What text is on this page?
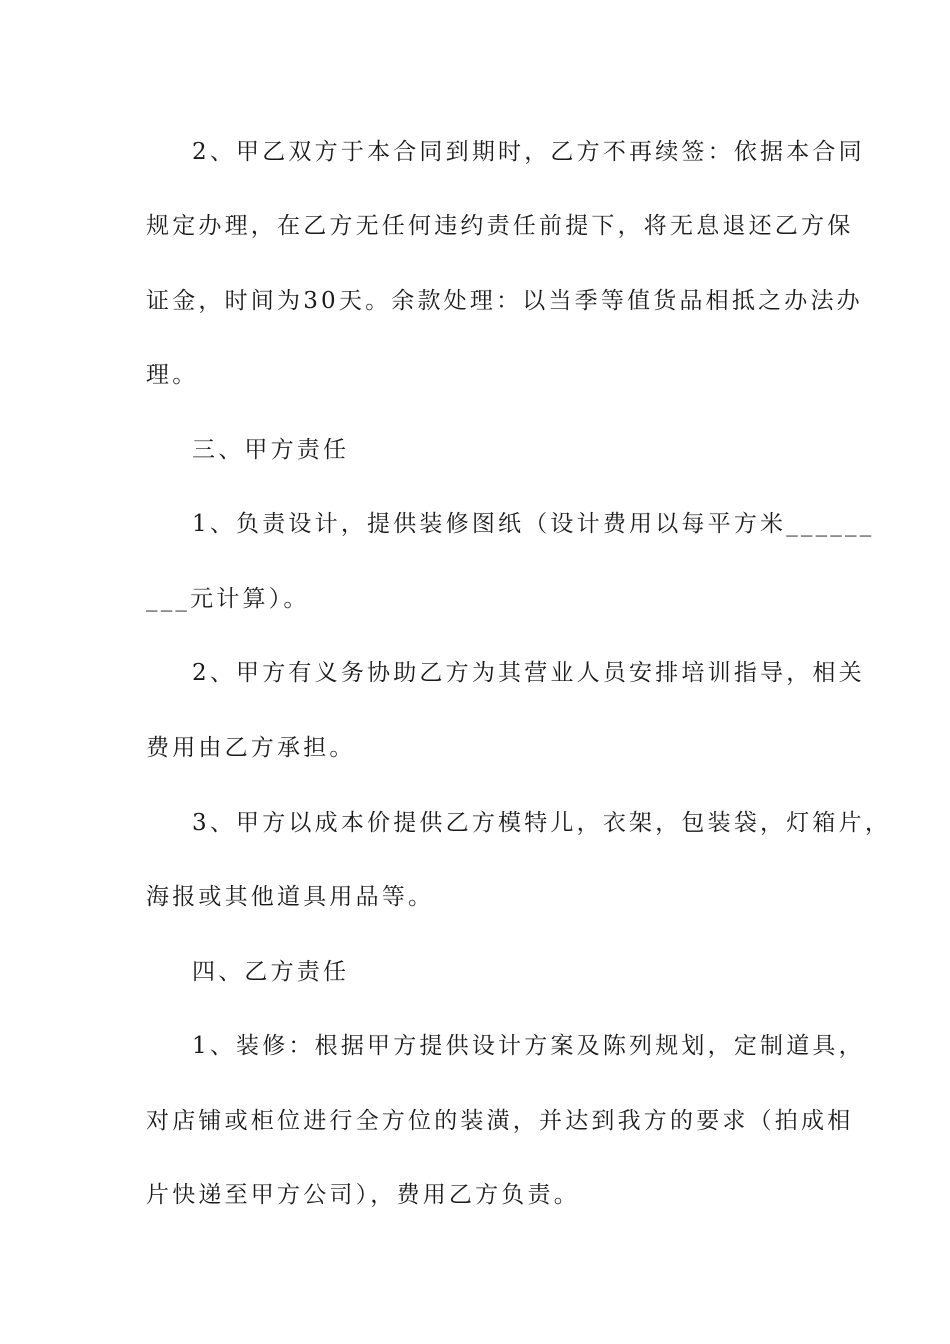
2、甲乙双方于本合同到期时，乙方不再续签：依据本合同
规定办理，在乙方无任何违约责任前提下，将无息退还乙方保
证金，时间为30天。余款处理：以当季等值货品相抵之办法办
理。
三、甲方责任
1、负责设计，提供装修图纸（设计费用以每平方米______
___元计算）。
2、甲方有义务协助乙方为其营业人员安排培训指导，相关
费用由乙方承担。
3、甲方以成本价提供乙方模特儿，衣架，包装袋，灯箱片，
海报或其他道具用品等。
四、乙方责任
1、装修：根据甲方提供设计方案及陈列规划，定制道具，
对店铺或柜位进行全方位的装潢，并达到我方的要求（拍成相
片快递至甲方公司），费用乙方负责。
